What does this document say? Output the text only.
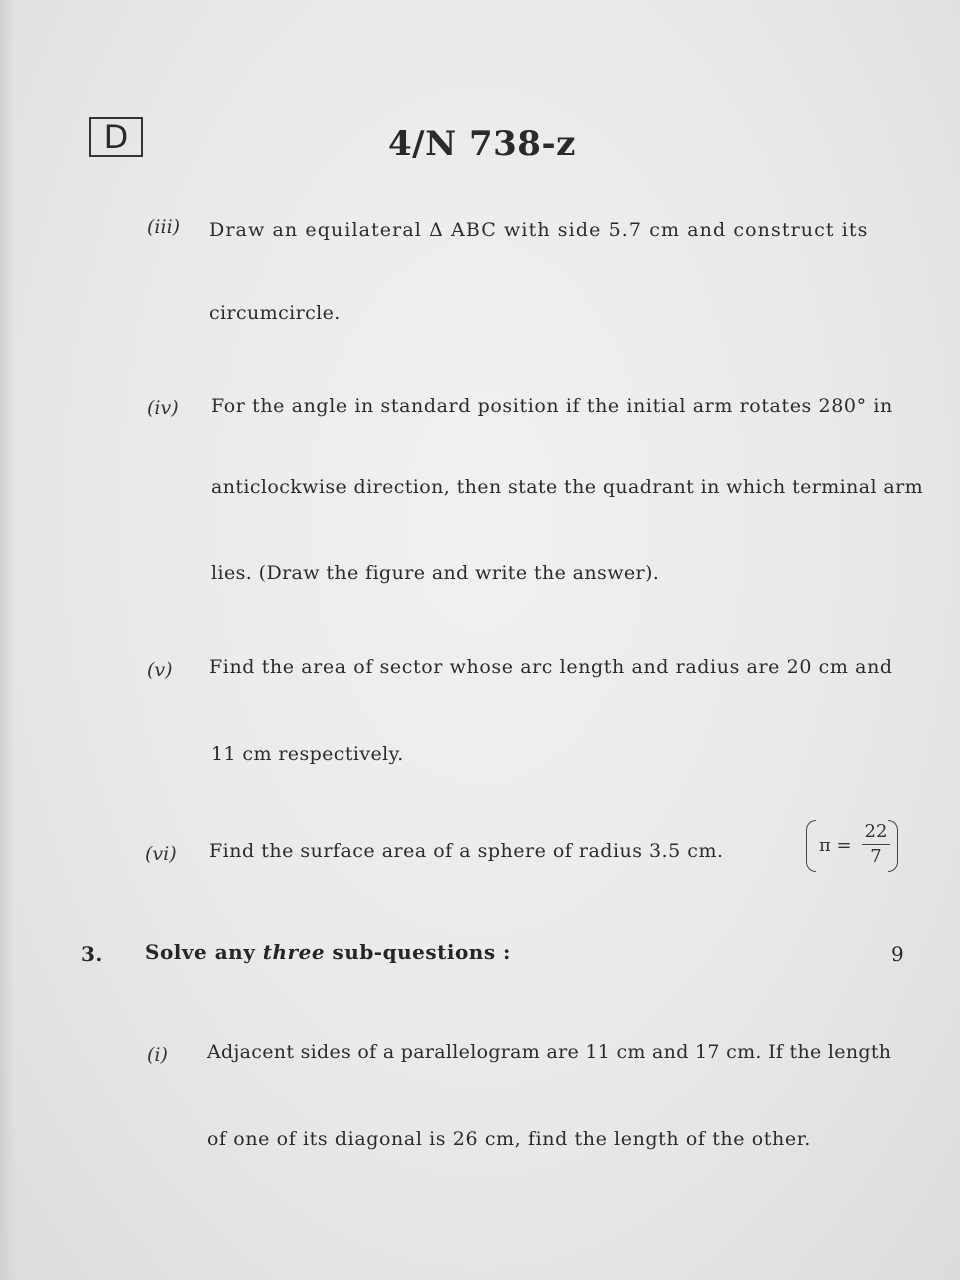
D	4/N 738-z
(iii) Draw an equilateral Δ ABC with side 5.7 cm and construct its
circumcircle.
(iv) For the angle in standard position if the initial arm rotates 280° in
anticlockwise direction, then state the quadrant in which terminal arm
lies. (Draw the figure and write the answer).
(v) Find the area of sector whose arc length and radius are 20 cm and
11 cm respectively.
(vi) Find the surface area of a sphere of radius 3.5 cm.	$\pi = \frac{22}{7}$
3. Solve any three sub-questions :	9
(i) Adjacent sides of a parallelogram are 11 cm and 17 cm. If the length
of one of its diagonal is 26 cm, find the length of the other.
